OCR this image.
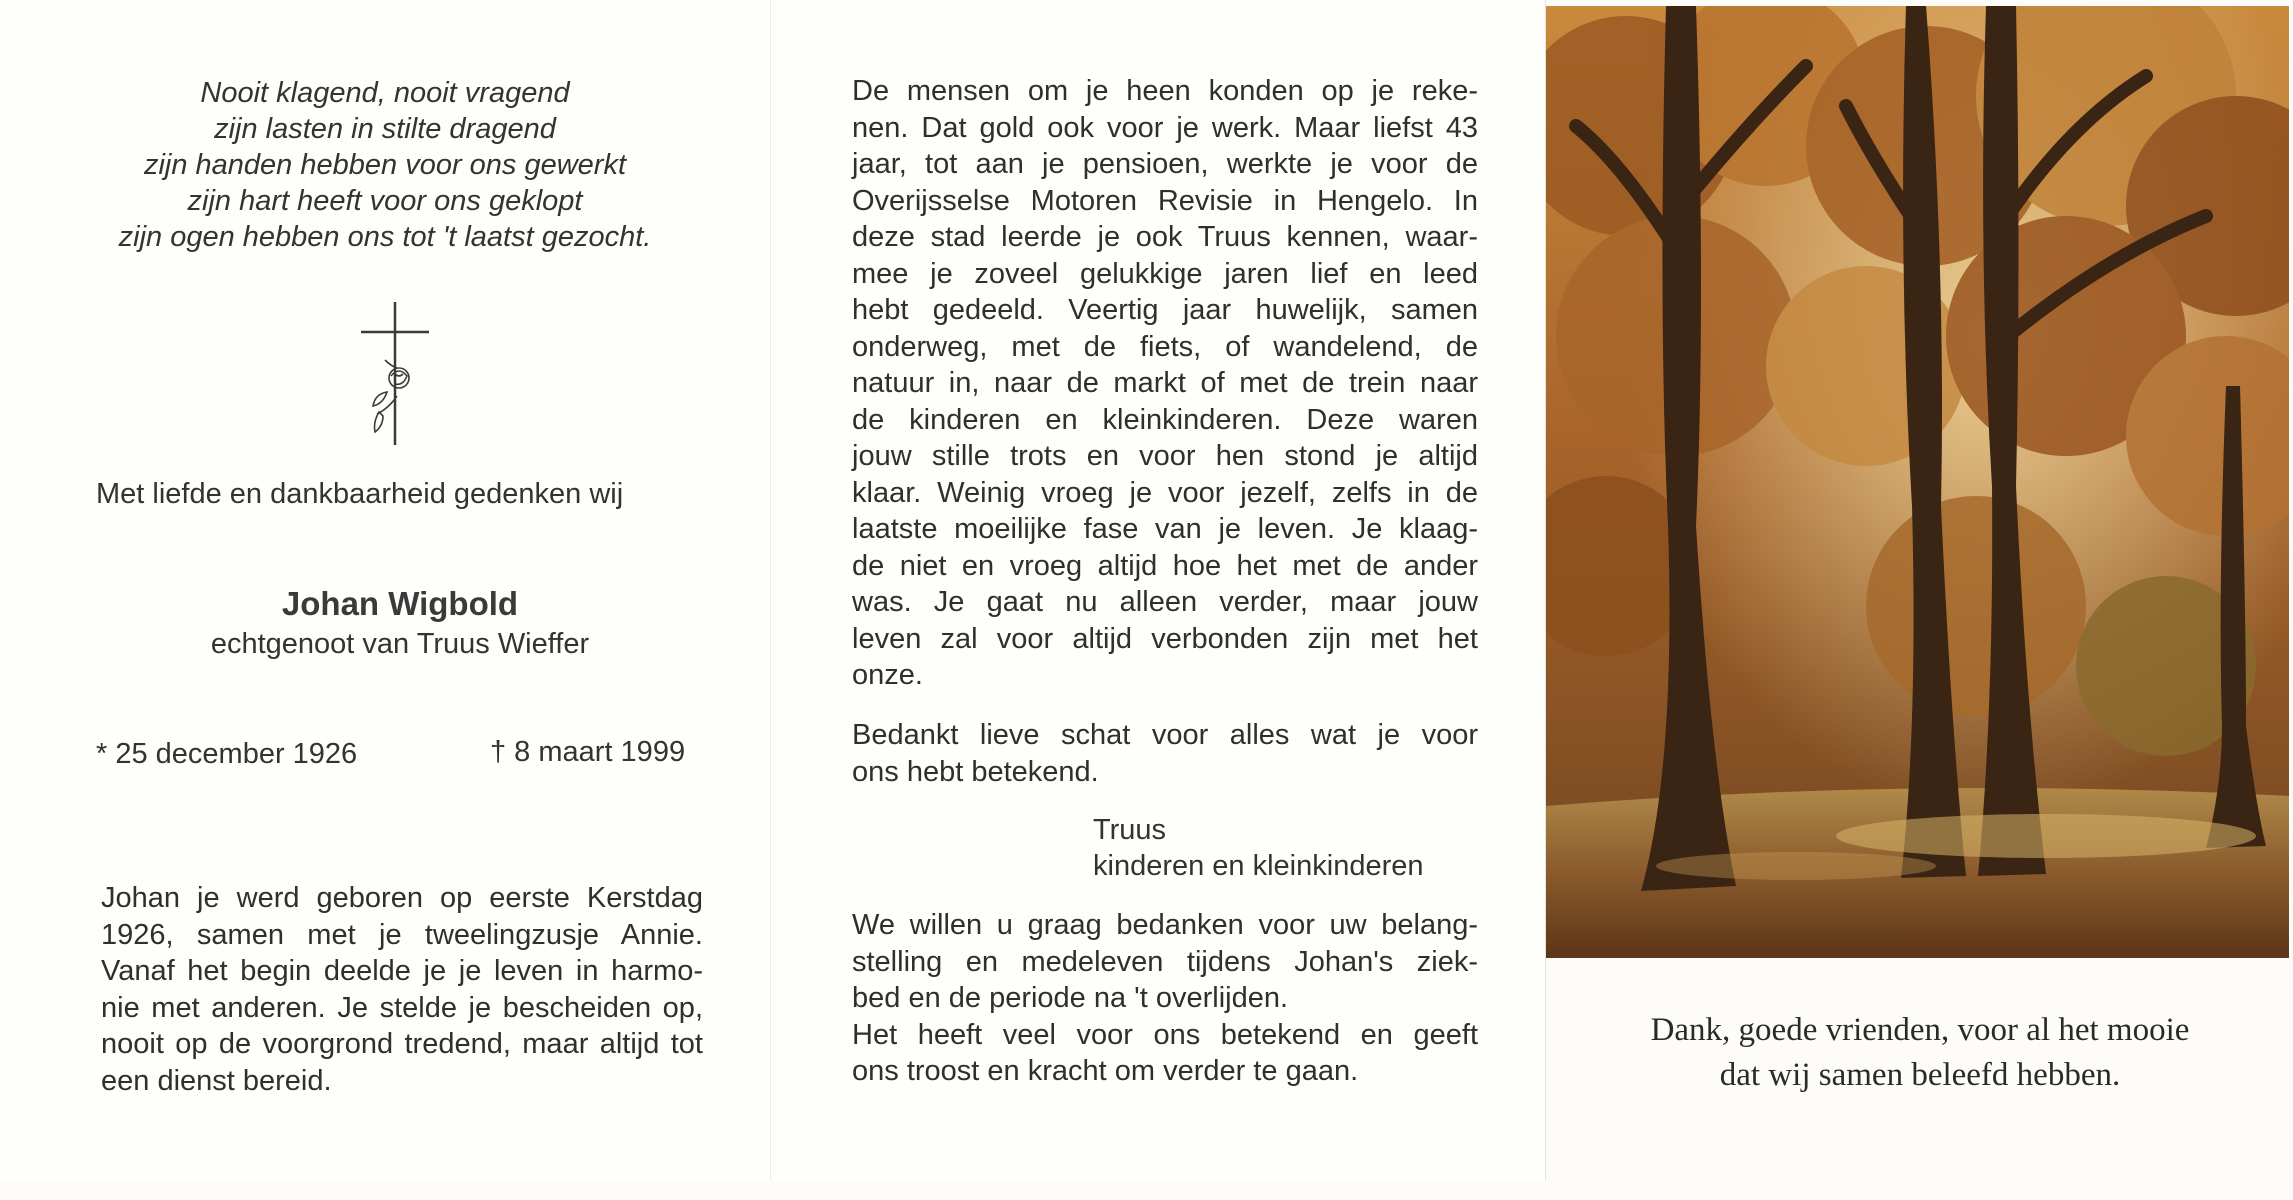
Nooit klagend, nooit vragend
zijn lasten in stilte dragend
zijn handen hebben voor ons gewerkt
zijn hart heeft voor ons geklopt
zijn ogen hebben ons tot 't laatst gezocht.
Met liefde en dankbaarheid gedenken wij
Johan Wigbold
echtgenoot van Truus Wieffer
* 25 december 1926	† 8 maart 1999
Johan je werd geboren op eerste Kerstdag
1926, samen met je tweelingzusje Annie.
Vanaf het begin deelde je je leven in harmo-
nie met anderen. Je stelde je bescheiden op,
nooit op de voorgrond tredend, maar altijd tot
een dienst bereid.
De mensen om je heen konden op je reke-
nen. Dat gold ook voor je werk. Maar liefst 43
jaar, tot aan je pensioen, werkte je voor de
Overijsselse Motoren Revisie in Hengelo. In
deze stad leerde je ook Truus kennen, waar-
mee je zoveel gelukkige jaren lief en leed
hebt gedeeld. Veertig jaar huwelijk, samen
onderweg, met de fiets, of wandelend, de
natuur in, naar de markt of met de trein naar
de kinderen en kleinkinderen. Deze waren
jouw stille trots en voor hen stond je altijd
klaar. Weinig vroeg je voor jezelf, zelfs in de
laatste moeilijke fase van je leven. Je klaag-
de niet en vroeg altijd hoe het met de ander
was. Je gaat nu alleen verder, maar jouw
leven zal voor altijd verbonden zijn met het
onze.
Bedankt lieve schat voor alles wat je voor
ons hebt betekend.
Truus
kinderen en kleinkinderen
We willen u graag bedanken voor uw belang-
stelling en medeleven tijdens Johan's ziek-
bed en de periode na 't overlijden.
Het heeft veel voor ons betekend en geeft
ons troost en kracht om verder te gaan.
Dank, goede vrienden, voor al het mooie
dat wij samen beleefd hebben.
